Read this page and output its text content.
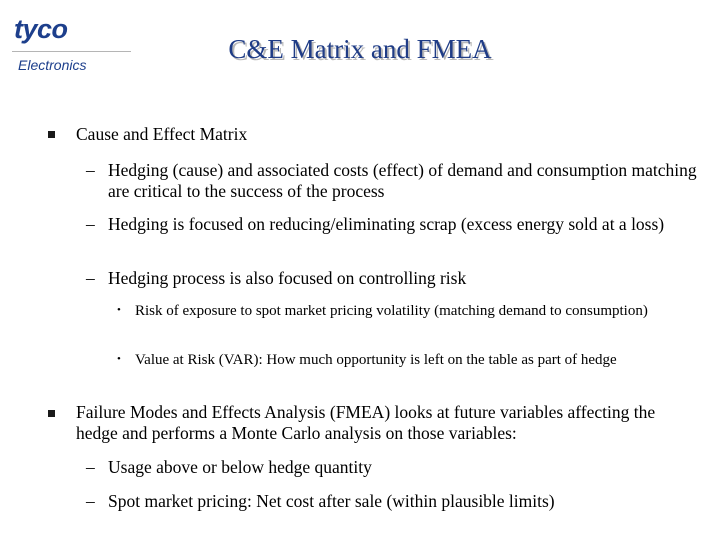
tyco
Electronics
C&E Matrix and FMEA

Cause and Effect Matrix

– Hedging (cause) and associated costs (effect) of demand and consumption matching are critical to the success of the process

– Hedging is focused on reducing/eliminating scrap (excess energy sold at a loss)

– Hedging process is also focused on controlling risk

• Risk of exposure to spot market pricing volatility (matching demand to consumption)

• Value at Risk (VAR): How much opportunity is left on the table as part of hedge

Failure Modes and Effects Analysis (FMEA) looks at future variables affecting the hedge and performs a Monte Carlo analysis on those variables:

– Usage above or below hedge quantity

– Spot market pricing: Net cost after sale (within plausible limits)
